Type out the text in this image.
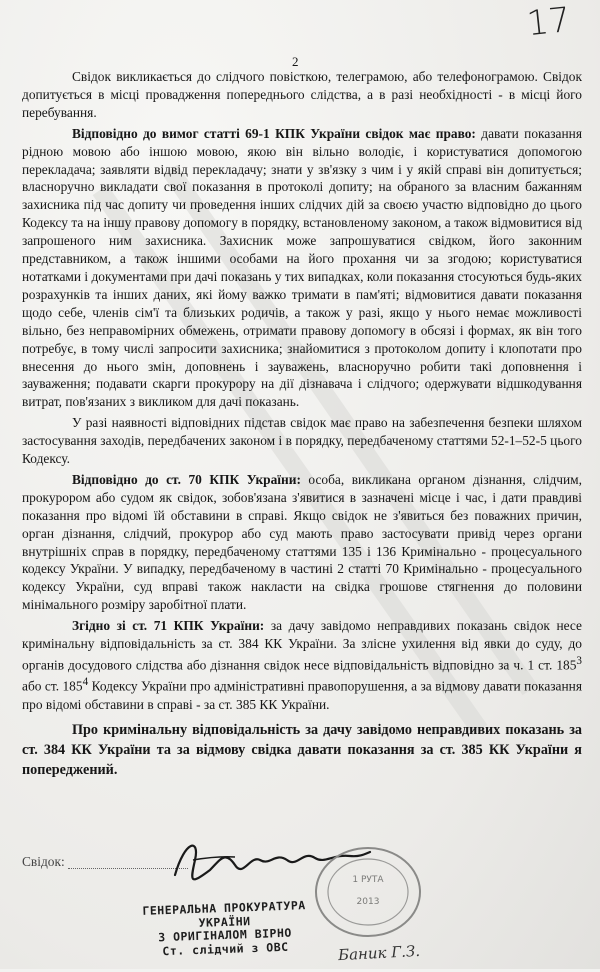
17
2

Свідок викликається до слідчого повісткою, телеграмою, або телефонограмою. Свідок допитується в місці провадження попереднього слідства, а в разі необхідності - в місці його перебування.

Відповідно до вимог статті 69-1 КПК України свідок має право: давати показання рідною мовою або іншою мовою, якою він вільно володіє, і користуватися допомогою перекладача; заявляти відвід перекладачу; знати у зв'язку з чим і у якій справі він допитується; власноручно викладати свої показання в протоколі допиту; на обраного за власним бажанням захисника під час допиту чи проведення інших слідчих дій за своєю участю відповідно до цього Кодексу та на іншу правову допомогу в порядку, встановленому законом, а також відмовитися від запрошеного ним захисника. Захисник може запрошуватися свідком, його законним представником, а також іншими особами на його прохання чи за згодою; користуватися нотатками і документами при дачі показань у тих випадках, коли показання стосуються будь-яких розрахунків та інших даних, які йому важко тримати в пам'яті; відмовитися давати показання щодо себе, членів сім'ї та близьких родичів, а також у разі, якщо у нього немає можливості вільно, без неправомірних обмежень, отримати правову допомогу в обсязі і формах, як він того потребує, в тому числі запросити захисника; знайомитися з протоколом допиту і клопотати про внесення до нього змін, доповнень і зауважень, власноручно робити такі доповнення і зауваження; подавати скарги прокурору на дії дізнавача і слідчого; одержувати відшкодування витрат, пов'язаних з викликом для дачі показань.

У разі наявності відповідних підстав свідок має право на забезпечення безпеки шляхом застосування заходів, передбачених законом і в порядку, передбаченому статтями 52-1–52-5 цього Кодексу.

Відповідно до ст. 70 КПК України: особа, викликана органом дізнання, слідчим, прокурором або судом як свідок, зобов'язана з'явитися в зазначені місце і час, і дати правдиві показання про відомі їй обставини в справі. Якщо свідок не з'явиться без поважних причин, орган дізнання, слідчий, прокурор або суд мають право застосувати привід через органи внутрішніх справ в порядку, передбаченому статтями 135 і 136 Кримінально - процесуального кодексу України. У випадку, передбаченому в частині 2 статті 70 Кримінально - процесуального кодексу України, суд вправі також накласти на свідка грошове стягнення до половини мінімального розміру заробітної плати.

Згідно зі ст. 71 КПК України: за дачу завідомо неправдивих показань свідок несе кримінальну відповідальність за ст. 384 КК України. За злісне ухилення від явки до суду, до органів досудового слідства або дізнання свідок несе відповідальність відповідно за ч. 1 ст. $185^3$ або ст. $185^4$ Кодексу України про адміністративні правопорушення, а за відмову давати показання про відомі обставини в справі - за ст. 385 КК України.

Про кримінальну відповідальність за дачу завідомо неправдивих показань за ст. 384 КК України та за відмову свідка давати показання за ст. 385 КК України я попереджений.

Свідок:
1 РУТА
2013
ГЕНЕРАЛЬНА ПРОКУРАТУРА
УКРАЇНИ
З ОРИГІНАЛОМ ВІРНО
Ст. слідчий з ОВС	Баник Г.З.
